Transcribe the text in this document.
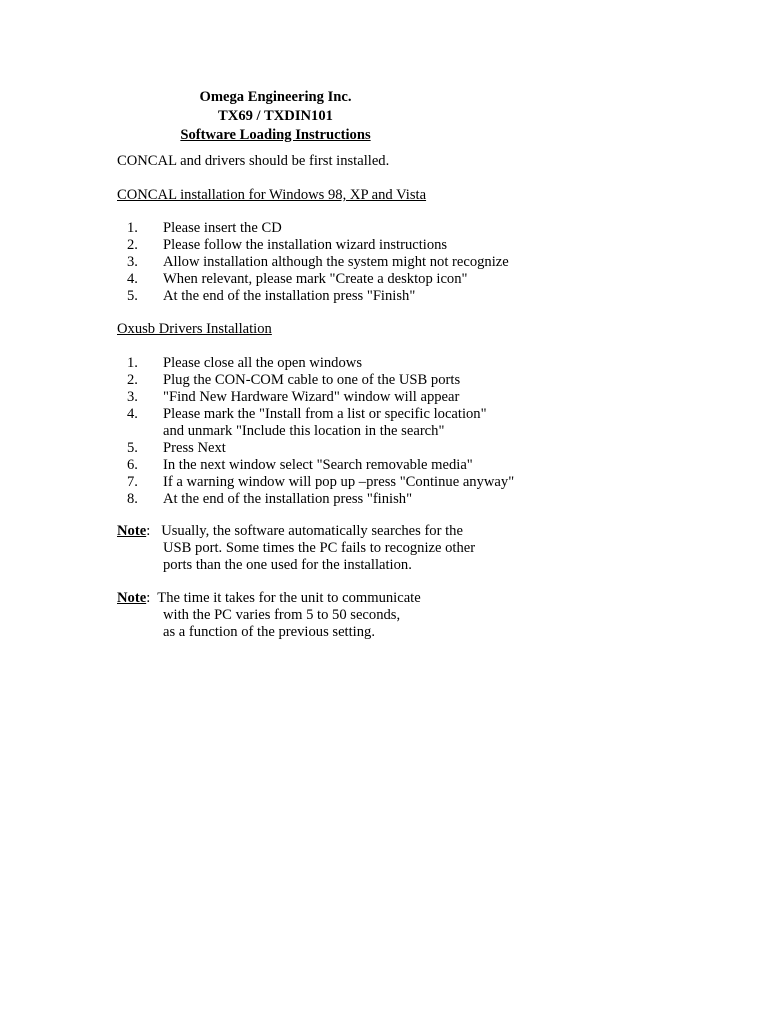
Omega Engineering Inc.
TX69 / TXDIN101
Software Loading Instructions
CONCAL and drivers should be first installed.
CONCAL installation for Windows 98, XP and Vista
1. Please insert the CD
2. Please follow the installation wizard instructions
3. Allow installation although the system might not recognize
4. When relevant, please mark "Create a desktop icon"
5. At the end of the installation press "Finish"
Oxusb Drivers Installation
1. Please close all the open windows
2. Plug the CON-COM cable to one of the USB ports
3. "Find New Hardware Wizard" window will appear
4. Please mark the "Install from a list or specific location"
and unmark "Include this location in the search"
5. Press Next
6. In the next window select "Search removable media"
7. If a warning window will pop up –press "Continue anyway"
8. At the end of the installation press "finish"
Note:   Usually, the software automatically searches for the
USB port. Some times the PC fails to recognize other
ports than the one used for the installation.
Note:  The time it takes for the unit to communicate
with the PC varies from 5 to 50 seconds,
as a function of the previous setting.
